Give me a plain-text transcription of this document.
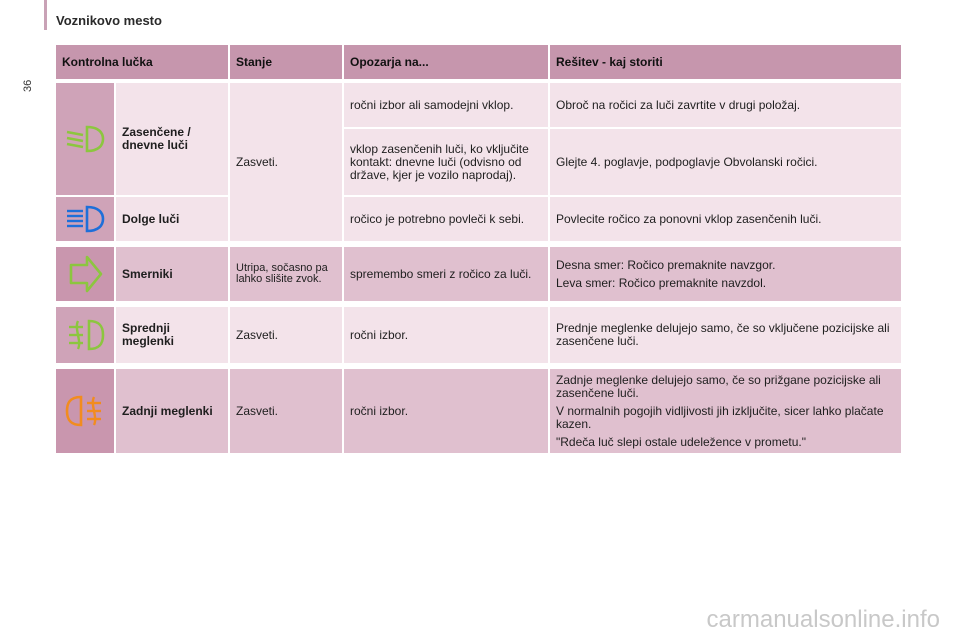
Voznikovo mesto
36
Kontrolna lučka		Stanje	Opozarja na...	Rešitev - kaj storiti

	Zasenčene / dnevne luči	Zasveti.	ročni izbor ali samodejni vklop.	Obroč na ročici za luči zavrtite v drugi položaj.
			vklop zasenčenih luči, ko vključite kontakt: dnevne luči (odvisno od države, kjer je vozilo naprodaj).	Glejte 4. poglavje, podpoglavje Obvolanski ročici.

	Dolge luči		ročico je potrebno povleči k sebi.	Povlecite ročico za ponovni vklop zasenčenih luči.

	Smerniki	Utripa, sočasno pa lahko slišite zvok.	spremembo smeri z ročico za luči.	Desna smer: Ročico premaknite navzgor.

Leva smer: Ročico premaknite navzdol.

	Sprednji meglenki	Zasveti.	ročni izbor.	Prednje meglenke delujejo samo, če so vključene pozicijske ali zasenčene luči.

	Zadnji meglenki	Zasveti.	ročni izbor.	Zadnje meglenke delujejo samo, če so prižgane pozicijske ali zasenčene luči.

V normalnih pogojih vidljivosti jih izključite, sicer lahko plačate kazen.

"Rdeča luč slepi ostale udeležence v prometu."

carmanualsonline.info
